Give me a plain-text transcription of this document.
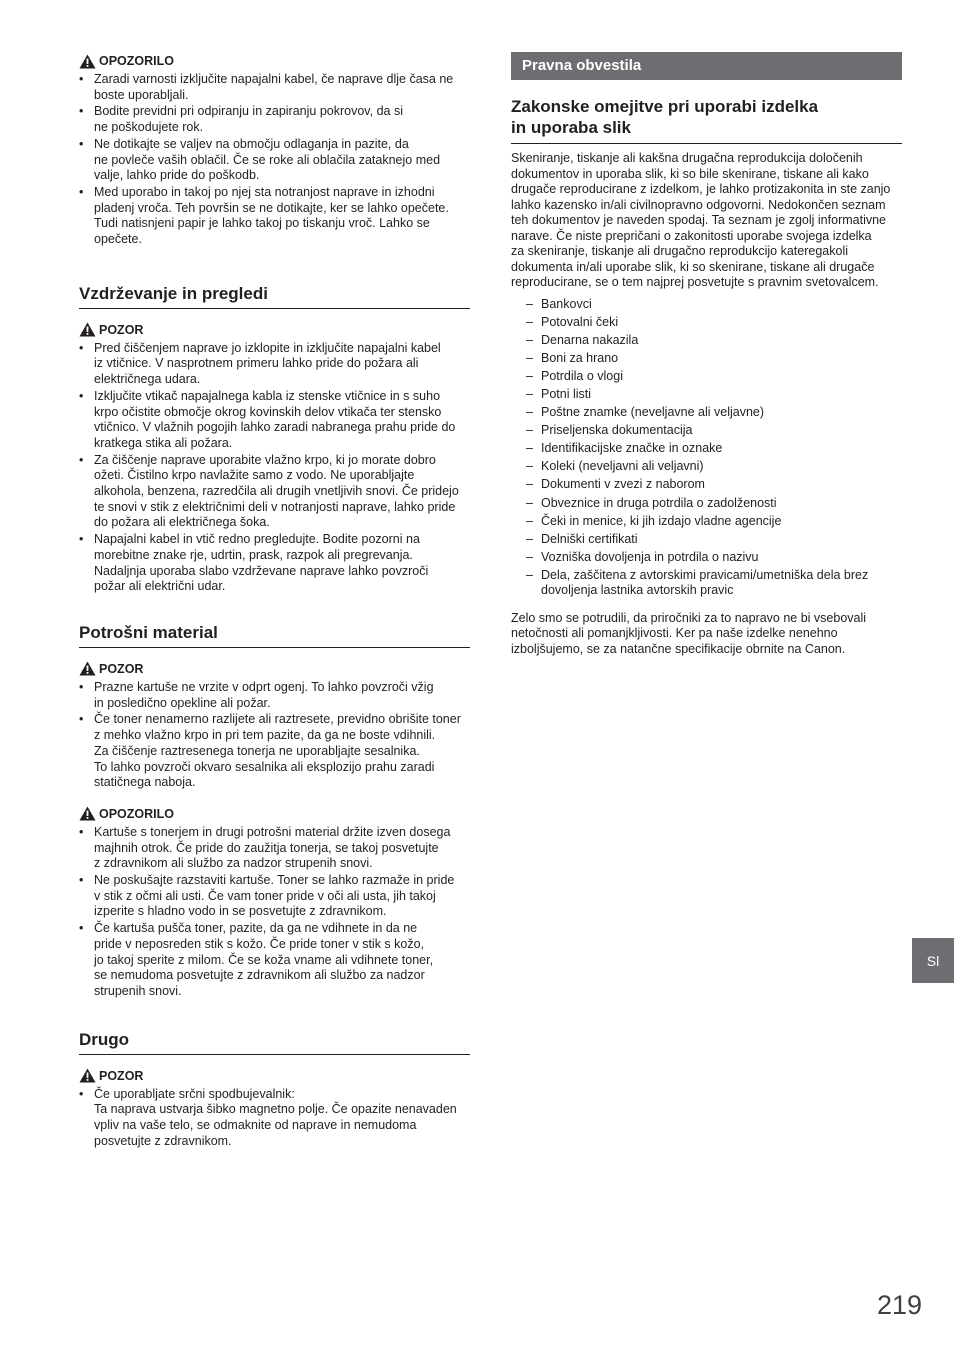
OPOZORILO
• Zaradi varnosti izključite napajalni kabel, če naprave dlje časa ne
boste uporabljali.
• Bodite previdni pri odpiranju in zapiranju pokrovov, da si
ne poškodujete rok.
• Ne dotikajte se valjev na območju odlaganja in pazite, da
ne povleče vaših oblačil. Če se roke ali oblačila zataknejo med
valje, lahko pride do poškodb.
• Med uporabo in takoj po njej sta notranjost naprave in izhodni
pladenj vroča. Teh površin se ne dotikajte, ker se lahko opečete.
Tudi natisnjeni papir je lahko takoj po tiskanju vroč. Lahko se
opečete.
Vzdrževanje in pregledi
POZOR
• Pred čiščenjem naprave jo izklopite in izključite napajalni kabel
iz vtičnice. V nasprotnem primeru lahko pride do požara ali
električnega udara.
• Izključite vtikač napajalnega kabla iz stenske vtičnice in s suho
krpo očistite območje okrog kovinskih delov vtikača ter stensko
vtičnico. V vlažnih pogojih lahko zaradi nabranega prahu pride do
kratkega stika ali požara.
• Za čiščenje naprave uporabite vlažno krpo, ki jo morate dobro
ožeti. Čistilno krpo navlažite samo z vodo. Ne uporabljajte
alkohola, benzena, razredčila ali drugih vnetljivih snovi. Če pridejo
te snovi v stik z električnimi deli v notranjosti naprave, lahko pride
do požara ali električnega šoka.
• Napajalni kabel in vtič redno pregledujte. Bodite pozorni na
morebitne znake rje, udrtin, prask, razpok ali pregrevanja.
Nadaljnja uporaba slabo vzdrževane naprave lahko povzroči
požar ali električni udar.
Potrošni material
POZOR
• Prazne kartuše ne vrzite v odprt ogenj. To lahko povzroči vžig
in posledično opekline ali požar.
• Če toner nenamerno razlijete ali raztresete, previdno obrišite toner
z mehko vlažno krpo in pri tem pazite, da ga ne boste vdihnili.
Za čiščenje raztresenega tonerja ne uporabljajte sesalnika.
To lahko povzroči okvaro sesalnika ali eksplozijo prahu zaradi
statičnega naboja.
OPOZORILO
• Kartuše s tonerjem in drugi potrošni material držite izven dosega
majhnih otrok. Če pride do zaužitja tonerja, se takoj posvetujte
z zdravnikom ali službo za nadzor strupenih snovi.
• Ne poskušajte razstaviti kartuše. Toner se lahko razmaže in pride
v stik z očmi ali usti. Če vam toner pride v oči ali usta, jih takoj
izperite s hladno vodo in se posvetujte z zdravnikom.
• Če kartuša pušča toner, pazite, da ga ne vdihnete in da ne
pride v neposreden stik s kožo. Če pride toner v stik s kožo,
jo takoj sperite z milom. Če se koža vname ali vdihnete toner,
se nemudoma posvetujte z zdravnikom ali službo za nadzor
strupenih snovi.
Drugo
POZOR
• Če uporabljate srčni spodbujevalnik:
Ta naprava ustvarja šibko magnetno polje. Če opazite nenavaden
vpliv na vaše telo, se odmaknite od naprave in nemudoma
posvetujte z zdravnikom.
Pravna obvestila
Zakonske omejitve pri uporabi izdelka
in uporaba slik

Skeniranje, tiskanje ali kakšna drugačna reprodukcija določenih
dokumentov in uporaba slik, ki so bile skenirane, tiskane ali kako
drugače reproducirane z izdelkom, je lahko protizakonita in ste zanjo
lahko kazensko in/ali civilnopravno odgovorni. Nedokončen seznam
teh dokumentov je naveden spodaj. Ta seznam je zgolj informativne
narave. Če niste prepričani o zakonitosti uporabe svojega izdelka
za skeniranje, tiskanje ali drugačno reprodukcijo kateregakoli
dokumenta in/ali uporabe slik, ki so skenirane, tiskane ali drugače
reproducirane, se o tem najprej posvetujte s pravnim svetovalcem.

– Bankovci
– Potovalni čeki
– Denarna nakazila
– Boni za hrano
– Potrdila o vlogi
– Potni listi
– Poštne znamke (neveljavne ali veljavne)
– Priseljenska dokumentacija
– Identifikacijske značke in oznake
– Koleki (neveljavni ali veljavni)
– Dokumenti v zvezi z naborom
– Obveznice in druga potrdila o zadolženosti
– Čeki in menice, ki jih izdajo vladne agencije
– Delniški certifikati
– Vozniška dovoljenja in potrdila o nazivu
– Dela, zaščitena z avtorskimi pravicami/umetniška dela brez
dovoljenja lastnika avtorskih pravic

Zelo smo se potrudili, da priročniki za to napravo ne bi vsebovali
netočnosti ali pomanjkljivosti. Ker pa naše izdelke nenehno
izboljšujemo, se za natančne specifikacije obrnite na Canon.

Sl
219
